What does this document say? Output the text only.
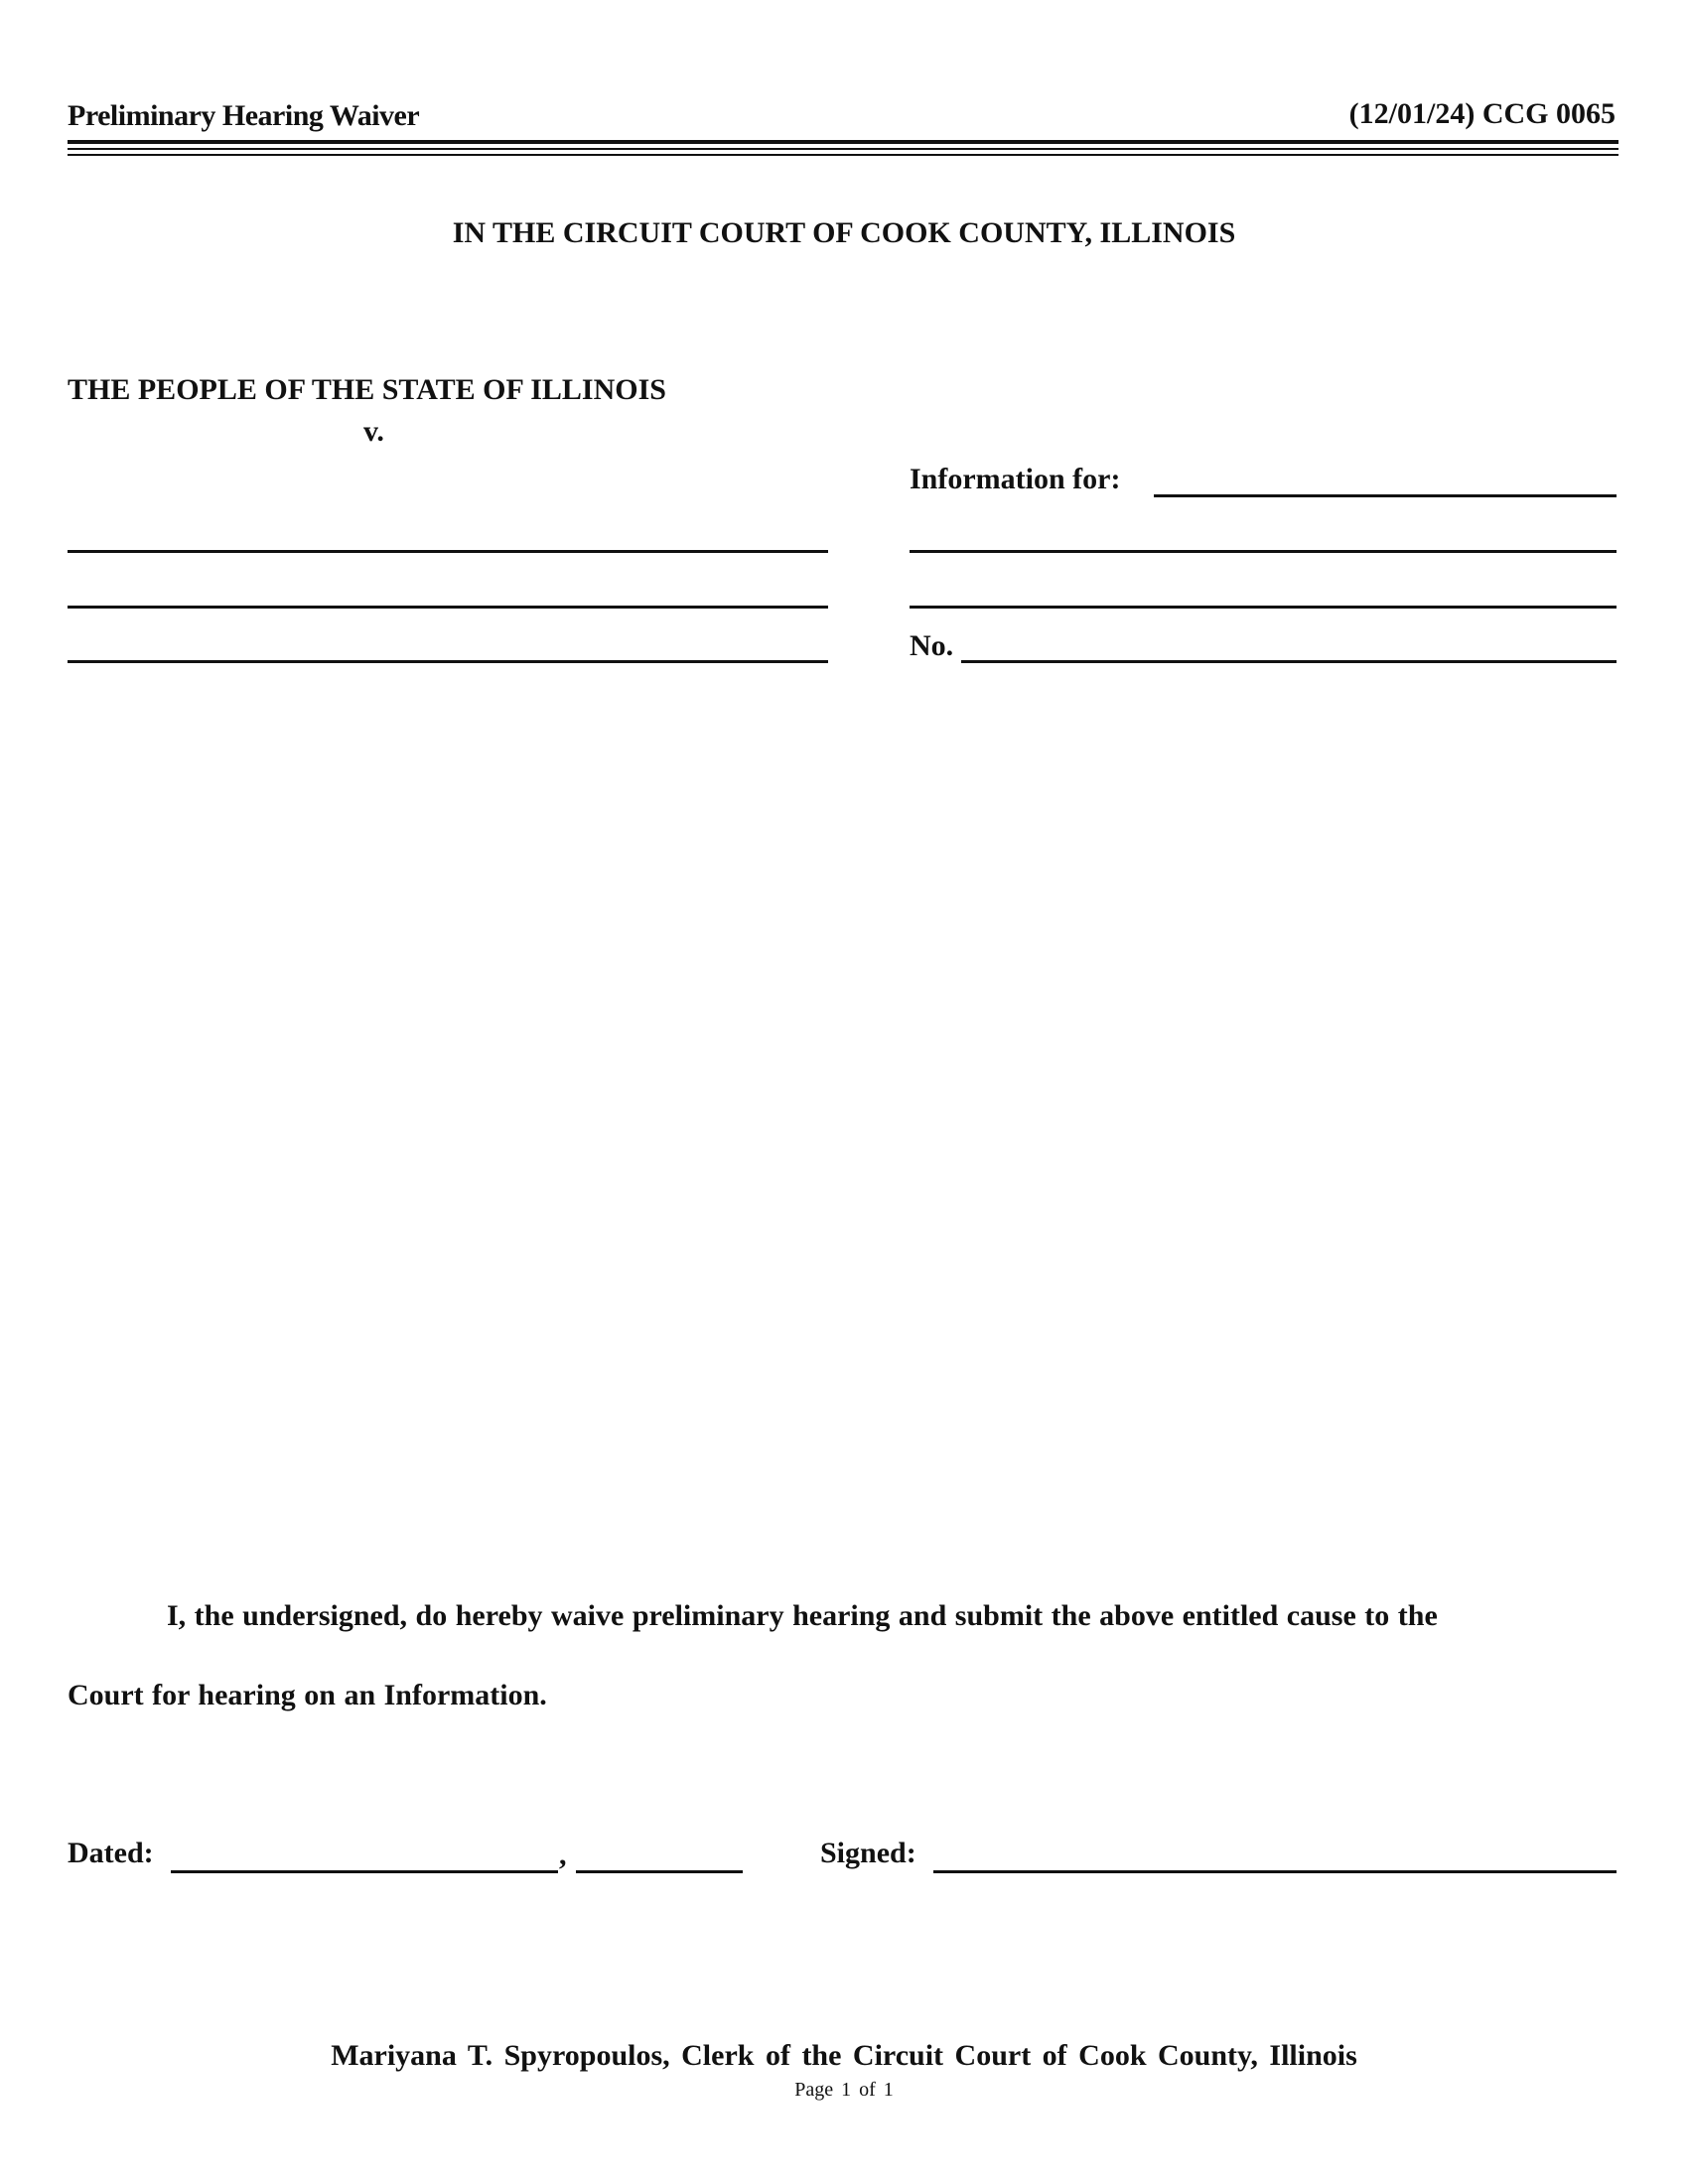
Preliminary Hearing Waiver	(12/01/24) CCG 0065
IN THE CIRCUIT COURT OF COOK COUNTY, ILLINOIS
THE PEOPLE OF THE STATE OF ILLINOIS
v.
Information for:
No.
I, the undersigned, do hereby waive preliminary hearing and submit the above entitled cause to the
Court for hearing on an Information.
Dated:	,	Signed:
Mariyana T. Spyropoulos, Clerk of the Circuit Court of Cook County, Illinois
Page 1 of 1
